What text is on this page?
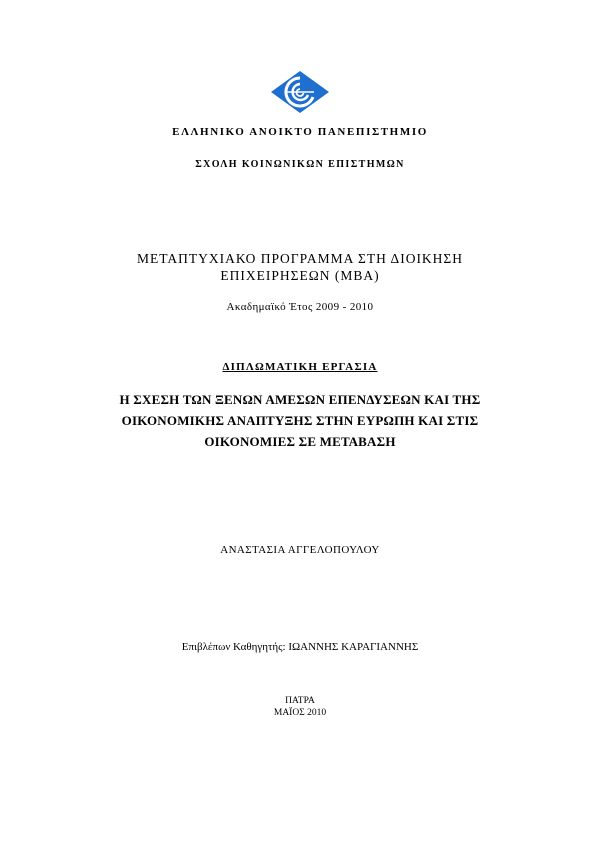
ΕΛΛΗΝΙΚΟ ΑΝΟΙΚΤΟ ΠΑΝΕΠΙΣΤΗΜΙΟ
ΣΧΟΛΗ ΚΟΙΝΩΝΙΚΩΝ ΕΠΙΣΤΗΜΩΝ
ΜΕΤΑΠΤΥΧΙΑΚΟ ΠΡΟΓΡΑΜΜΑ ΣΤΗ ΔΙΟΙΚΗΣΗ
ΕΠΙΧΕΙΡΗΣΕΩΝ (MBA)
Ακαδημαϊκό Έτος 2009 - 2010
ΔΙΠΛΩΜΑΤΙΚΗ ΕΡΓΑΣΙΑ
Η ΣΧΕΣΗ ΤΩΝ ΞΕΝΩΝ ΑΜΕΣΩΝ ΕΠΕΝΔΥΣΕΩΝ ΚΑΙ ΤΗΣ
ΟΙΚΟΝΟΜΙΚΗΣ ΑΝΑΠΤΥΞΗΣ ΣΤΗΝ ΕΥΡΩΠΗ ΚΑΙ ΣΤΙΣ
ΟΙΚΟΝΟΜΙΕΣ ΣΕ ΜΕΤΑΒΑΣΗ
ΑΝΑΣΤΑΣΙΑ ΑΓΓΕΛΟΠΟΥΛΟΥ
Επιβλέπων Καθηγητής: ΙΩΑΝΝΗΣ ΚΑΡΑΓΙΑΝΝΗΣ
ΠΑΤΡΑ
ΜΑΪΟΣ 2010
